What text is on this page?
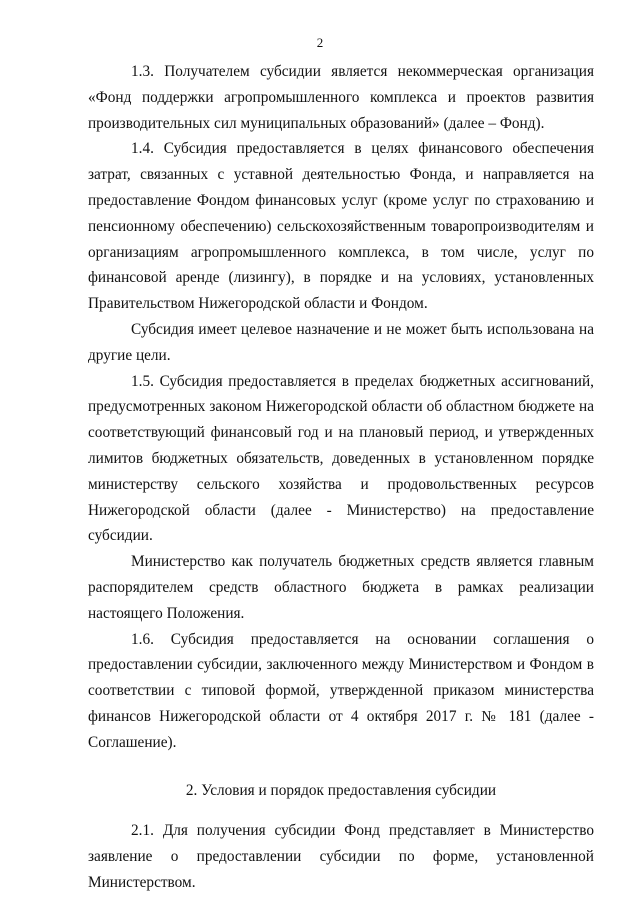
2

1.3. Получателем субсидии является некоммерческая организация «Фонд поддержки агропромышленного комплекса и проектов развития производительных сил муниципальных образований» (далее – Фонд).

1.4. Субсидия предоставляется в целях финансового обеспечения затрат, связанных с уставной деятельностью Фонда, и направляется на предоставление Фондом финансовых услуг (кроме услуг по страхованию и пенсионному обеспечению) сельскохозяйственным товаропроизводителям и организациям агропромышленного комплекса, в том числе, услуг по финансовой аренде (лизингу), в порядке и на условиях, установленных Правительством Нижегородской области и Фондом.

Субсидия имеет целевое назначение и не может быть использована на другие цели.

1.5. Субсидия предоставляется в пределах бюджетных ассигнований, предусмотренных законом Нижегородской области об областном бюджете на соответствующий финансовый год и на плановый период, и утвержденных лимитов бюджетных обязательств, доведенных в установленном порядке министерству сельского хозяйства и продовольственных ресурсов Нижегородской области (далее - Министерство) на предоставление субсидии.

Министерство как получатель бюджетных средств является главным распорядителем средств областного бюджета в рамках реализации настоящего Положения.

1.6. Субсидия предоставляется на основании соглашения о предоставлении субсидии, заключенного между Министерством и Фондом в соответствии с типовой формой, утвержденной приказом министерства финансов Нижегородской области от 4 октября 2017 г. № 181 (далее - Соглашение).

2. Условия и порядок предоставления субсидии

2.1. Для получения субсидии Фонд представляет в Министерство заявление о предоставлении субсидии по форме, установленной Министерством.
